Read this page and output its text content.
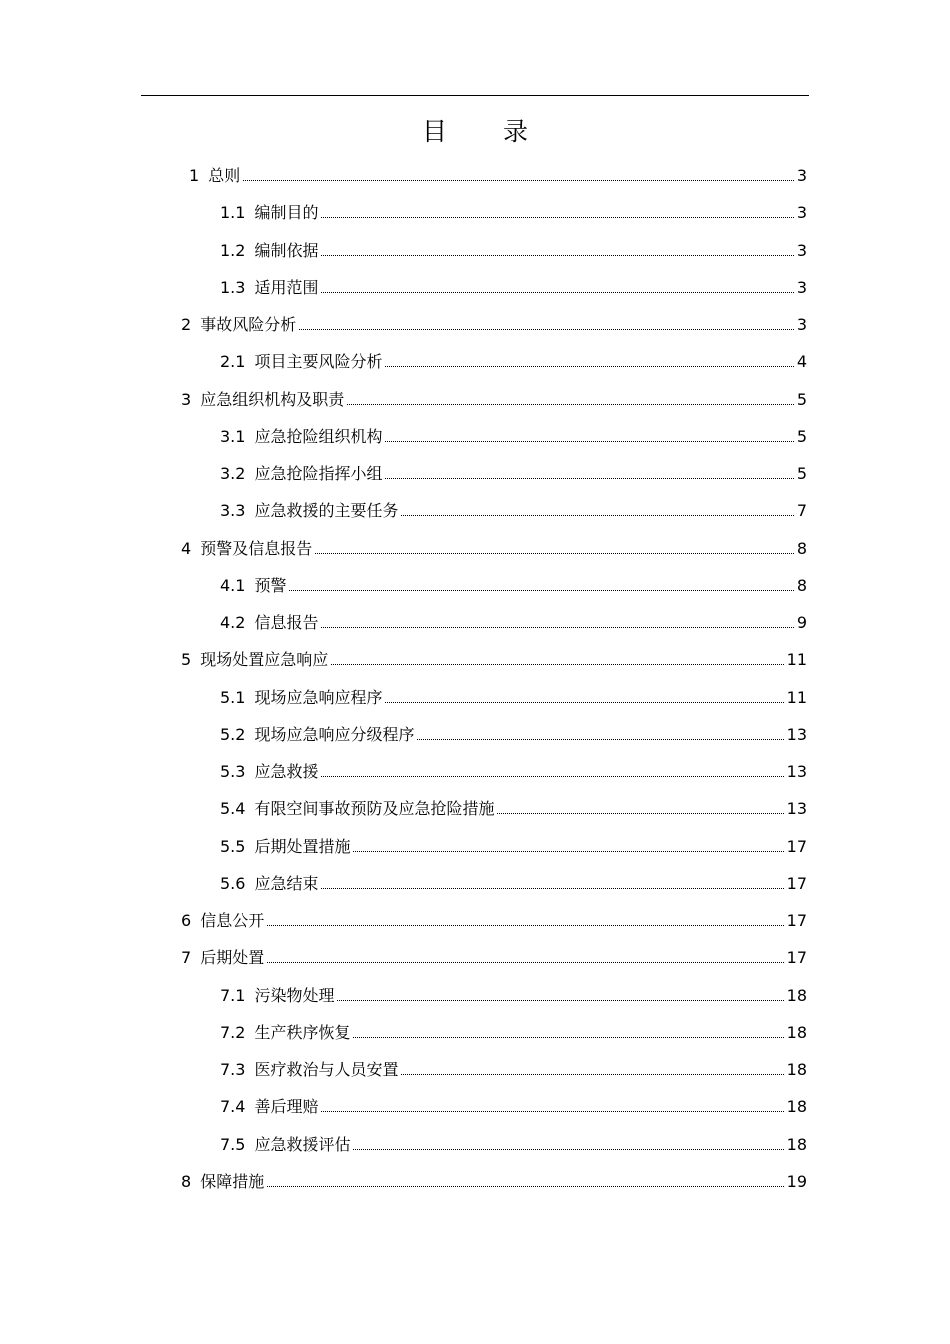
目 录
1 总则	3
1.1 编制目的	3
1.2 编制依据	3
1.3 适用范围	3
2 事故风险分析	3
2.1 项目主要风险分析	4
3 应急组织机构及职责	5
3.1 应急抢险组织机构	5
3.2 应急抢险指挥小组	5
3.3 应急救援的主要任务	7
4 预警及信息报告	8
4.1 预警	8
4.2 信息报告	9
5 现场处置应急响应	11
5.1 现场应急响应程序	11
5.2 现场应急响应分级程序	13
5.3 应急救援	13
5.4 有限空间事故预防及应急抢险措施	13
5.5 后期处置措施	17
5.6 应急结束	17
6 信息公开	17
7 后期处置	17
7.1 污染物处理	18
7.2 生产秩序恢复	18
7.3 医疗救治与人员安置	18
7.4 善后理赔	18
7.5 应急救援评估	18
8 保障措施	19
